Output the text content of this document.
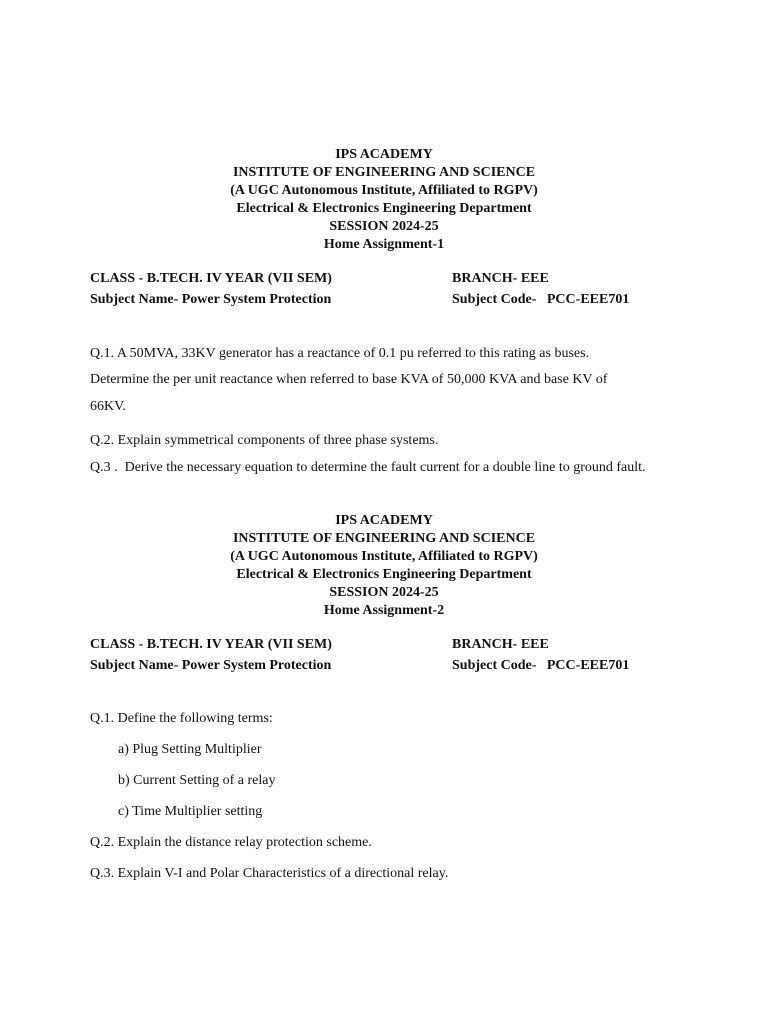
IPS ACADEMY
INSTITUTE OF ENGINEERING AND SCIENCE
(A UGC Autonomous Institute, Affiliated to RGPV)
Electrical & Electronics Engineering Department
SESSION 2024-25
Home Assignment-1
CLASS - B.TECH. IV YEAR (VII SEM)	BRANCH- EEE
Subject Name- Power System Protection	Subject Code-   PCC-EEE701
Q.1. A 50MVA, 33KV generator has a reactance of 0.1 pu referred to this rating as buses.
Determine the per unit reactance when referred to base KVA of 50,000 KVA and base KV of
66KV.
Q.2. Explain symmetrical components of three phase systems.
Q.3 .  Derive the necessary equation to determine the fault current for a double line to ground fault.
IPS ACADEMY
INSTITUTE OF ENGINEERING AND SCIENCE
(A UGC Autonomous Institute, Affiliated to RGPV)
Electrical & Electronics Engineering Department
SESSION 2024-25
Home Assignment-2
CLASS - B.TECH. IV YEAR (VII SEM)	BRANCH- EEE
Subject Name- Power System Protection	Subject Code-   PCC-EEE701
Q.1. Define the following terms:
a) Plug Setting Multiplier
b) Current Setting of a relay
c) Time Multiplier setting
Q.2. Explain the distance relay protection scheme.
Q.3. Explain V-I and Polar Characteristics of a directional relay.
